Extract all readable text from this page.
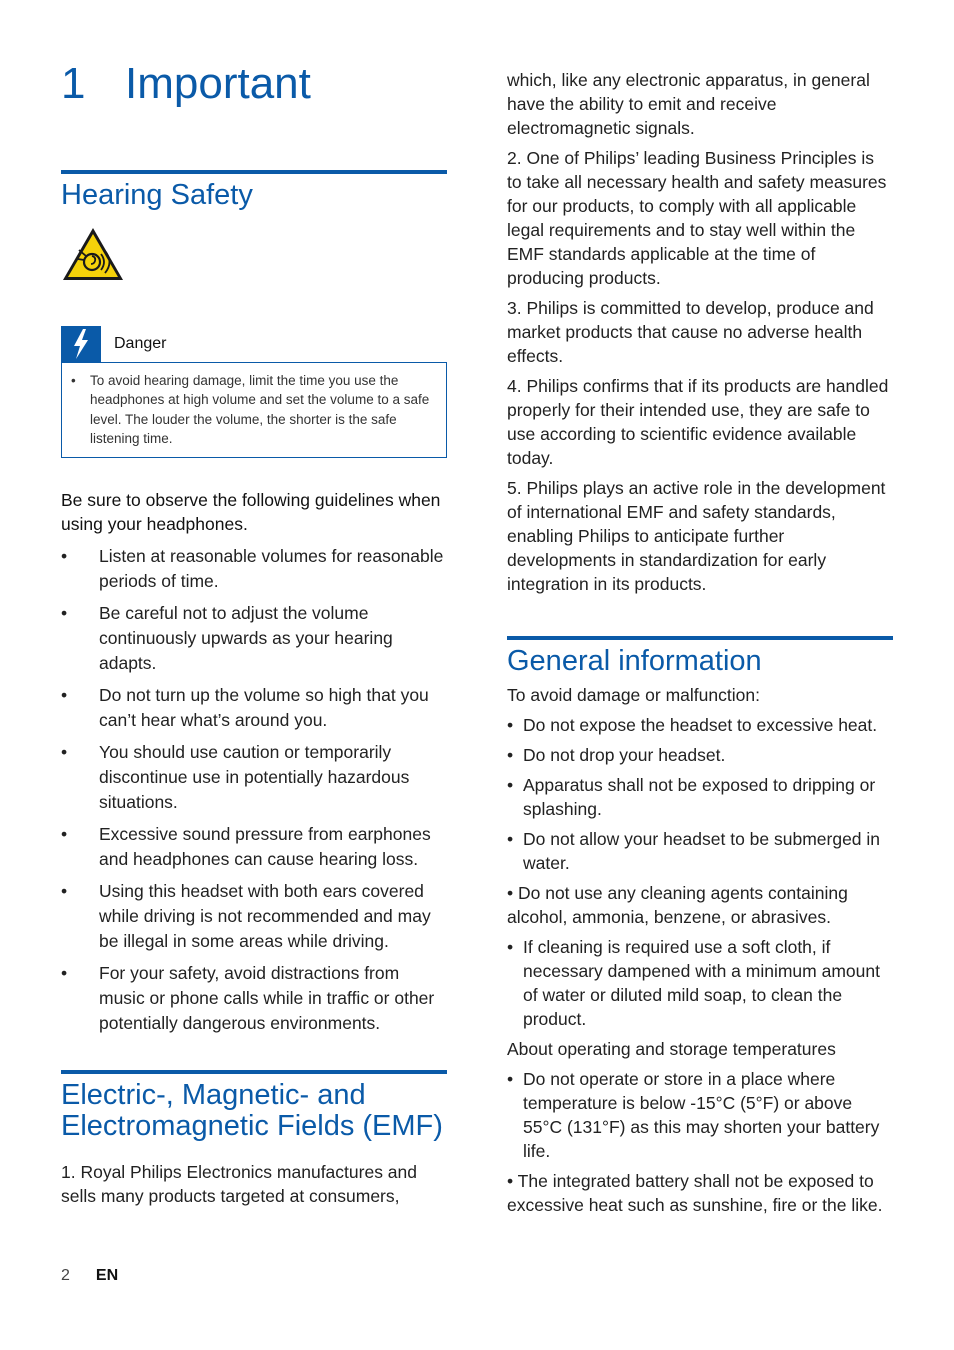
1 Important
Hearing Safety
Danger
• To avoid hearing damage, limit the time you use the headphones at high volume and set the volume to a safe level. The louder the volume, the shorter is the safe listening time.
Be sure to observe the following guidelines when using your headphones.
• Listen at reasonable volumes for reasonable periods of time.
• Be careful not to adjust the volume continuously upwards as your hearing adapts.
• Do not turn up the volume so high that you can’t hear what’s around you.
• You should use caution or temporarily discontinue use in potentially hazardous situations.
• Excessive sound pressure from earphones and headphones can cause hearing loss.
• Using this headset with both ears covered while driving is not recommended and may be illegal in some areas while driving.
• For your safety, avoid distractions from music or phone calls while in traffic or other potentially dangerous environments.
Electric-, Magnetic- and Electromagnetic Fields (EMF)

1. Royal Philips Electronics manufactures and sells many products targeted at consumers,

which, like any electronic apparatus, in general have the ability to emit and receive electromagnetic signals.

2. One of Philips’ leading Business Principles is to take all necessary health and safety measures for our products, to comply with all applicable legal requirements and to stay well within the EMF standards applicable at the time of producing products.

3. Philips is committed to develop, produce and market products that cause no adverse health effects.

4. Philips confirms that if its products are handled properly for their intended use, they are safe to use according to scientific evidence available today.

5. Philips plays an active role in the development of international EMF and safety standards, enabling Philips to anticipate further developments in standardization for early integration in its products.

General information

To avoid damage or malfunction:

• Do not expose the headset to excessive heat.
• Do not drop your headset.
• Apparatus shall not be exposed to dripping or splashing.
• Do not allow your headset to be submerged in water.
• Do not use any cleaning agents containing alcohol, ammonia, benzene, or abrasives.
• If cleaning is required use a soft cloth, if necessary dampened with a minimum amount of water or diluted mild soap, to clean the product.

About operating and storage temperatures

• Do not operate or store in a place where temperature is below -15°C (5°F) or above 55°C (131°F) as this may shorten your battery life.
• The integrated battery shall not be exposed to excessive heat such as sunshine, fire or the like.
2 EN
